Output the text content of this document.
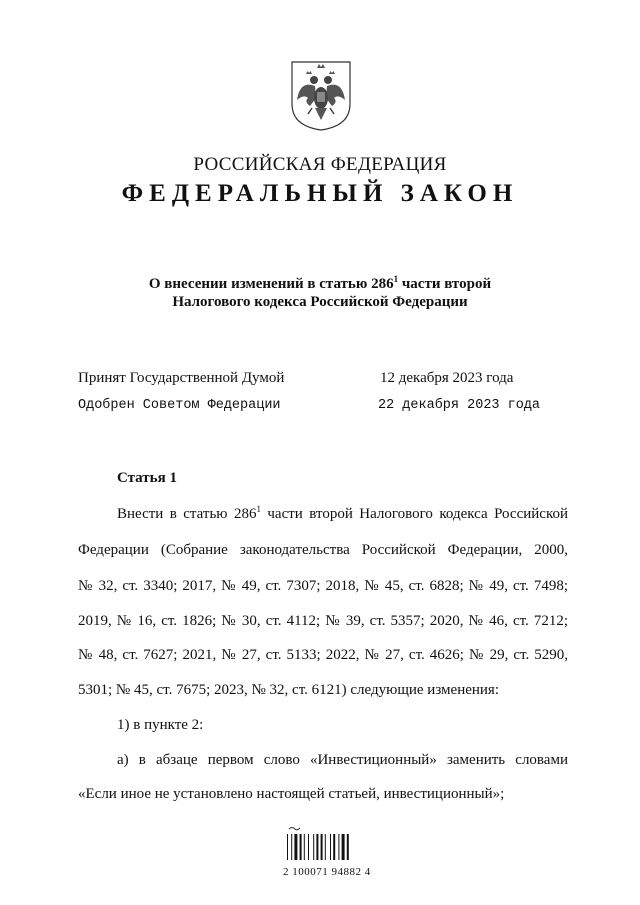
РОССИЙСКАЯ ФЕДЕРАЦИЯ
ФЕДЕРАЛЬНЫЙ ЗАКОН
О внесении изменений в статью $286^1$ части второй
Налогового кодекса Российской Федерации
Принят Государственной Думой	12 декабря 2023 года
Одобрен Советом Федерации	22 декабря 2023 года
Статья 1
Внести в статью $286^1$ части второй Налогового кодекса Российской
Федерации (Собрание законодательства Российской Федерации, 2000,
№ 32, ст. 3340; 2017, № 49, ст. 7307; 2018, № 45, ст. 6828; № 49, ст. 7498;
2019, № 16, ст. 1826; № 30, ст. 4112; № 39, ст. 5357; 2020, № 46, ст. 7212;
№ 48, ст. 7627; 2021, № 27, ст. 5133; 2022, № 27, ст. 4626; № 29, ст. 5290,
5301; № 45, ст. 7675; 2023, № 32, ст. 6121) следующие изменения:
1) в пункте 2:
а) в абзаце первом слово «Инвестиционный» заменить словами
«Если иное не установлено настоящей статьей, инвестиционный»;
2 100071 94882 4
